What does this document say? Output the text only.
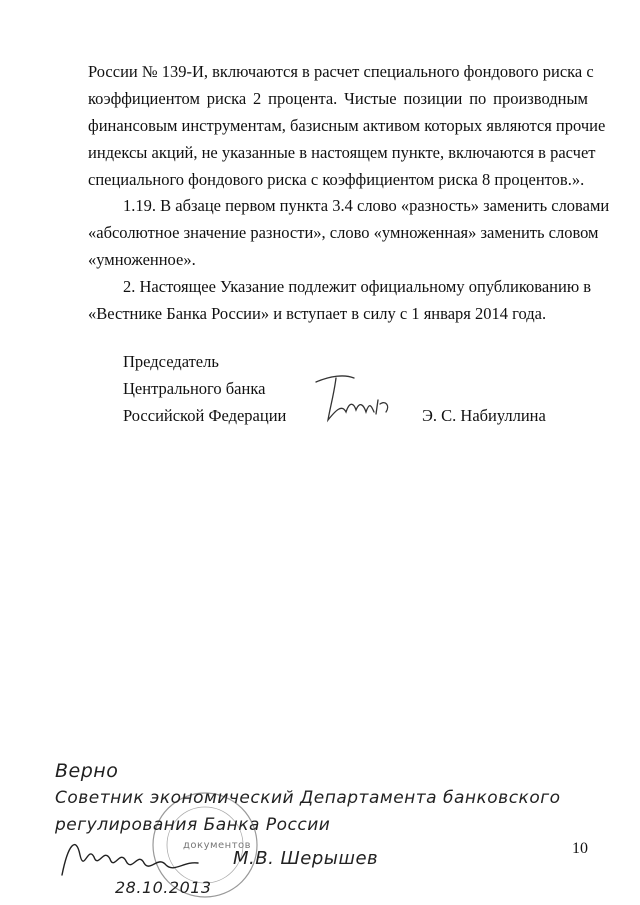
России № 139-И, включаются в расчет специального фондового риска с
коэффициентом риска 2 процента. Чистые позиции по производным
финансовым инструментам, базисным активом которых являются прочие
индексы акций, не указанные в настоящем пункте, включаются в расчет
специального фондового риска с коэффициентом риска 8 процентов.».
1.19. В абзаце первом пункта 3.4 слово «разность» заменить словами
«абсолютное значение разности», слово «умноженная» заменить словом
«умноженное».
2. Настоящее Указание подлежит официальному опубликованию в
«Вестнике Банка России» и вступает в силу с 1 января 2014 года.
Председатель
Центрального банка
Российской Федерации	Э. С. Набиуллина
документов
Верно
Советник экономический Департамента банковского
регулирования Банка России
М.В. Шерышев
28.10.2013
10
